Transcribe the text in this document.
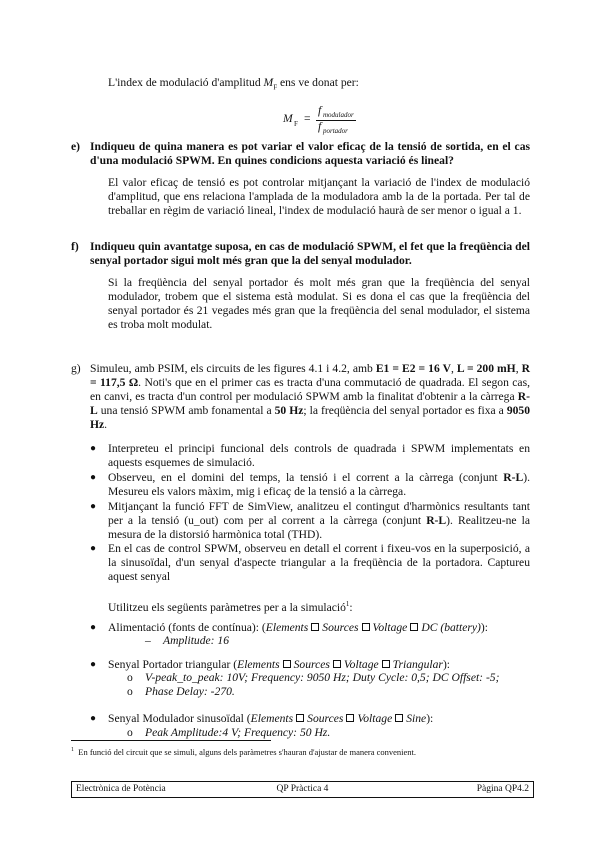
L'index de modulació d'amplitud $M_F$ ens ve donat per:
M F =
f modulador
f portador
e) Indiqueu de quina manera es pot variar el valor eficaç de la tensió de sortida, en el cas d'una modulació SPWM. En quines condicions aquesta variació és lineal?

El valor eficaç de tensió es pot controlar mitjançant la variació de l'index de modulació d'amplitud, que ens relaciona l'amplada de la moduladora amb la de la portada. Per tal de treballar en règim de variació lineal, l'index de modulació haurà de ser menor o igual a 1.

f) Indiqueu quin avantatge suposa, en cas de modulació SPWM, el fet que la freqüència del senyal portador sigui molt més gran que la del senyal modulador.

Si la freqüència del senyal portador és molt més gran que la freqüència del senyal modulador, trobem que el sistema està modulat. Si es dona el cas que la freqüència del senyal portador és 21 vegades més gran que la freqüència del senal modulador, el sistema es troba molt modulat.

g) Simuleu, amb PSIM, els circuits de les figures 4.1 i 4.2, amb E1 = E2 = 16 V, L = 200 mH, R = 117,5 Ω. Noti's que en el primer cas es tracta d'una commutació de quadrada. El segon cas, en canvi, es tracta d'un control per modulació SPWM amb la finalitat d'obtenir a la càrrega R-L una tensió SPWM amb fonamental a 50 Hz; la freqüència del senyal portador es fixa a 9050 Hz.

● Interpreteu el principi funcional dels controls de quadrada i SPWM implementats en aquests esquemes de simulació.

● Observeu, en el domini del temps, la tensió i el corrent a la càrrega (conjunt R-L). Mesureu els valors màxim, mig i eficaç de la tensió a la càrrega.

● Mitjançant la funció FFT de SimView, analitzeu el contingut d'harmònics resultants tant per a la tensió (u_out) com per al corrent a la càrrega (conjunt R-L). Realitzeu-ne la mesura de la distorsió harmònica total (THD).

● En el cas de control SPWM, observeu en detall el corrent i fixeu-vos en la superposició, a la sinusoïdal, d'un senyal d'aspecte triangular a la freqüència de la portadora. Captureu aquest senyal

Utilitzeu els següents paràmetres per a la simulació$^1$:
● Alimentació (fonts de contínua): (Elements Sources Voltage DC (battery)):
– Amplitude: 16
● Senyal Portador triangular (Elements Sources Voltage Triangular):
o V-peak_to_peak: 10V; Frequency: 9050 Hz; Duty Cycle: 0,5; DC Offset: -5;
o Phase Delay: -270.
● Senyal Modulador sinusoïdal (Elements Sources Voltage Sine):
o Peak Amplitude:4 V; Frequency: 50 Hz.
$^1$ En funció del circuit que se simuli, alguns dels paràmetres s'hauran d'ajustar de manera convenient.
Electrònica de Potència	QP Pràctica 4	Pàgina QP4.2
